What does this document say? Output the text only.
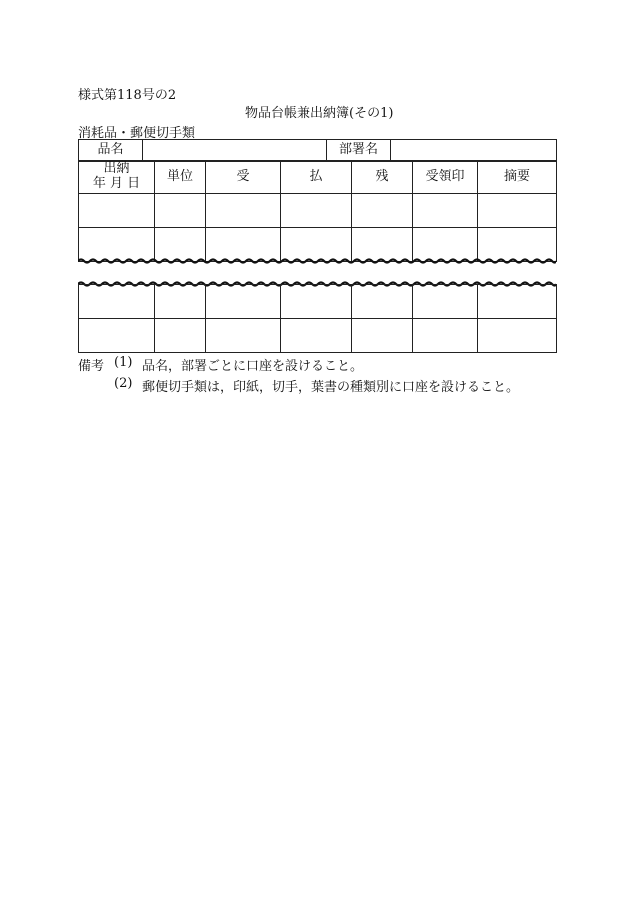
様式第118号の2
物品台帳兼出納簿(その1)
消耗品・郵便切手類
品名		部署名	
出納
年 月 日	単位	受	払	残	受領印	摘要

備考 (1) 品名，部署ごとに口座を設けること。
(2) 郵便切手類は，印紙，切手，葉書の種類別に口座を設けること。
